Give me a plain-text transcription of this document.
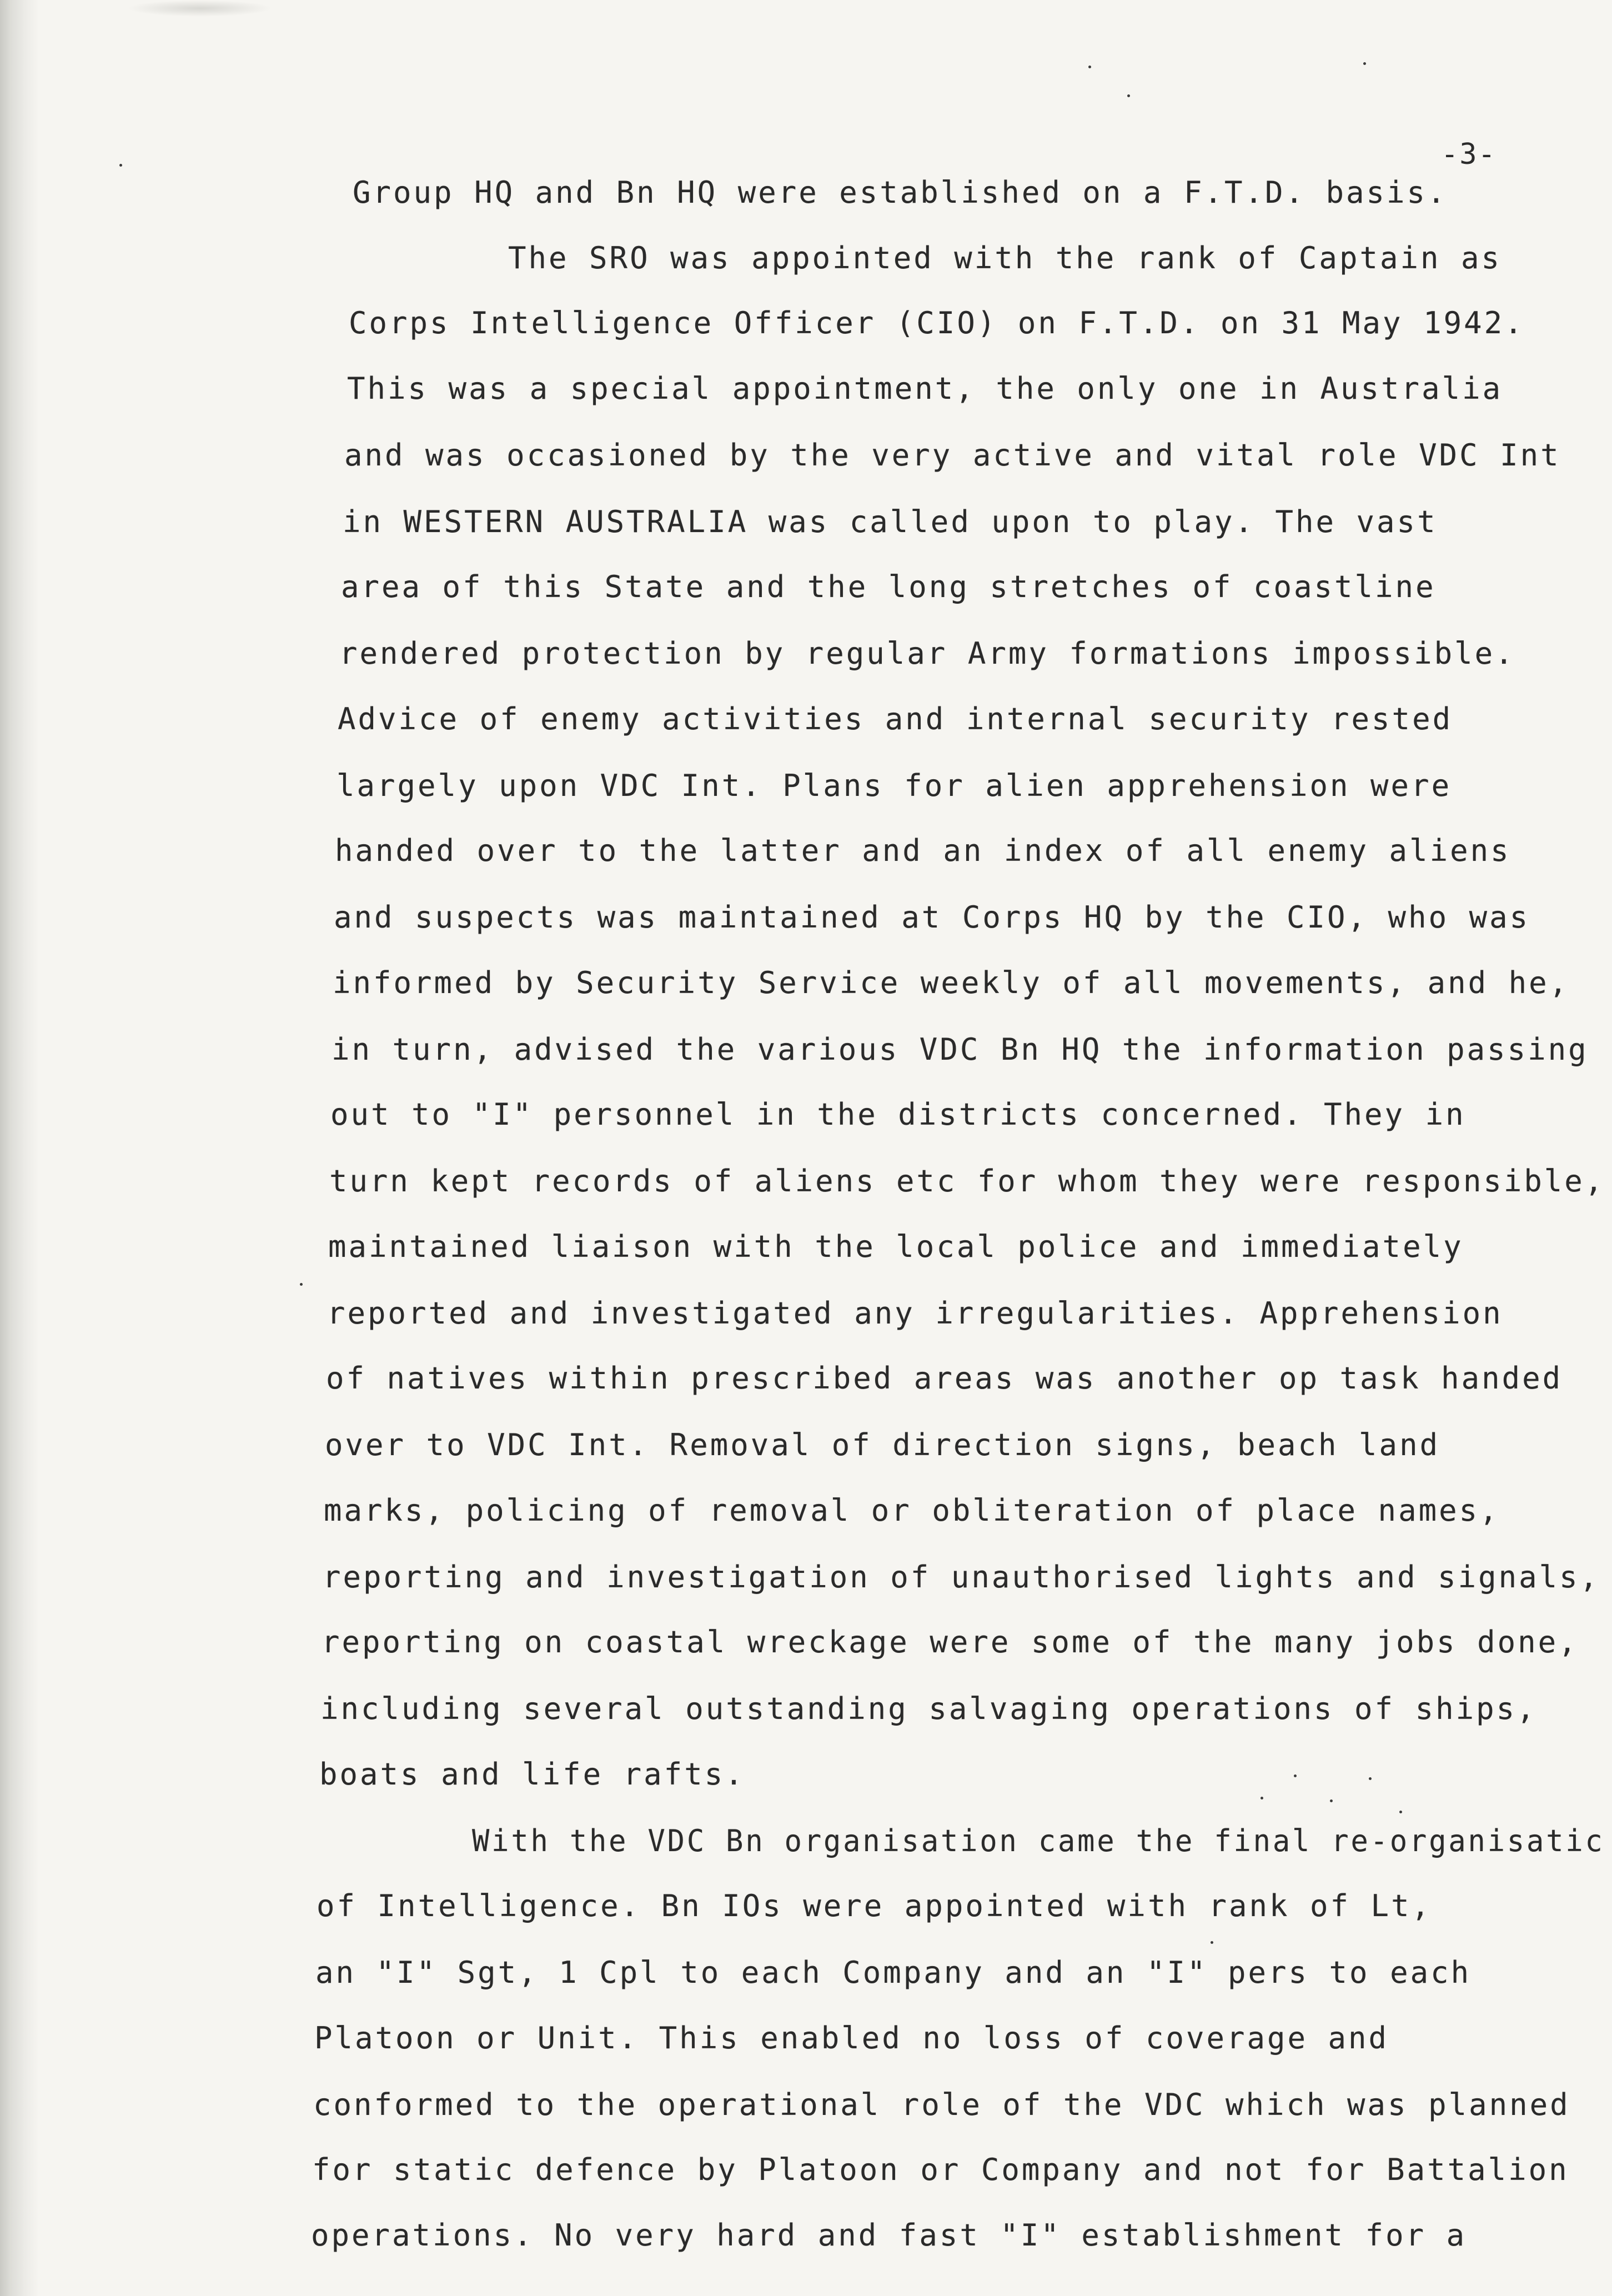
-3-
Group HQ and Bn HQ were established on a F.T.D. basis.
The SRO was appointed with the rank of Captain as
Corps Intelligence Officer (CIO) on F.T.D. on 31 May 1942.
This was a special appointment, the only one in Australia
and was occasioned by the very active and vital role VDC Int
in WESTERN AUSTRALIA was called upon to play. The vast
area of this State and the long stretches of coastline
rendered protection by regular Army formations impossible.
Advice of enemy activities and internal security rested
largely upon VDC Int. Plans for alien apprehension were
handed over to the latter and an index of all enemy aliens
and suspects was maintained at Corps HQ by the CIO, who was
informed by Security Service weekly of all movements, and he,
in turn, advised the various VDC Bn HQ the information passing
out to "I" personnel in the districts concerned. They in
turn kept records of aliens etc for whom they were responsible,
maintained liaison with the local police and immediately
reported and investigated any irregularities. Apprehension
of natives within prescribed areas was another op task handed
over to VDC Int. Removal of direction signs, beach land
marks, policing of removal or obliteration of place names,
reporting and investigation of unauthorised lights and signals,
reporting on coastal wreckage were some of the many jobs done,
including several outstanding salvaging operations of ships,
boats and life rafts.
With the VDC Bn organisation came the final re-organisatic
of Intelligence. Bn IOs were appointed with rank of Lt,
an "I" Sgt, 1 Cpl to each Company and an "I" pers to each
Platoon or Unit. This enabled no loss of coverage and
conformed to the operational role of the VDC which was planned
for static defence by Platoon or Company and not for Battalion
operations. No very hard and fast "I" establishment for a
